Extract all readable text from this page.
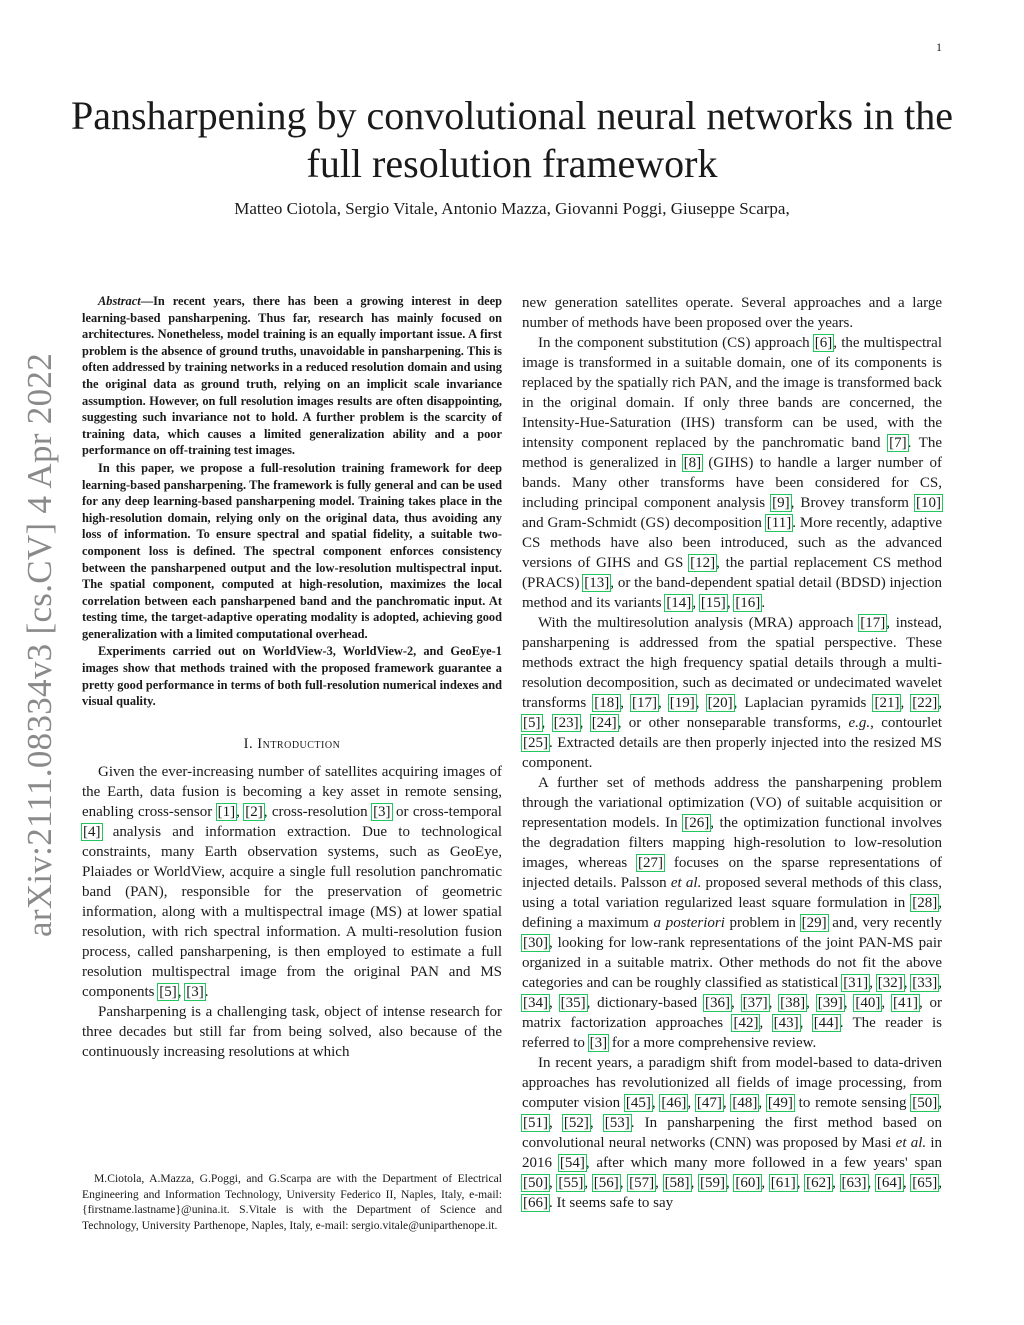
1
arXiv:2111.08334v3 [cs.CV] 4 Apr 2022
Pansharpening by convolutional neural networks in the full resolution framework
Matteo Ciotola, Sergio Vitale, Antonio Mazza, Giovanni Poggi, Giuseppe Scarpa,

Abstract—In recent years, there has been a growing interest in deep learning-based pansharpening. Thus far, research has mainly focused on architectures. Nonetheless, model training is an equally important issue. A first problem is the absence of ground truths, unavoidable in pansharpening. This is often addressed by training networks in a reduced resolution domain and using the original data as ground truth, relying on an implicit scale invariance assumption. However, on full resolution images results are often disappointing, suggesting such invariance not to hold. A further problem is the scarcity of training data, which causes a limited generalization ability and a poor performance on off-training test images.

In this paper, we propose a full-resolution training framework for deep learning-based pansharpening. The framework is fully general and can be used for any deep learning-based pansharpening model. Training takes place in the high-resolution domain, relying only on the original data, thus avoiding any loss of information. To ensure spectral and spatial fidelity, a suitable two-component loss is defined. The spectral component enforces consistency between the pansharpened output and the low-resolution multispectral input. The spatial component, computed at high-resolution, maximizes the local correlation between each pansharpened band and the panchromatic input. At testing time, the target-adaptive operating modality is adopted, achieving good generalization with a limited computational overhead.

Experiments carried out on WorldView-3, WorldView-2, and GeoEye-1 images show that methods trained with the proposed framework guarantee a pretty good performance in terms of both full-resolution numerical indexes and visual quality.

I. Introduction

Given the ever-increasing number of satellites acquiring images of the Earth, data fusion is becoming a key asset in remote sensing, enabling cross-sensor [1], [2], cross-resolution [3] or cross-temporal [4] analysis and information extraction. Due to technological constraints, many Earth observation systems, such as GeoEye, Plaiades or WorldView, acquire a single full resolution panchromatic band (PAN), responsible for the preservation of geometric information, along with a multispectral image (MS) at lower spatial resolution, with rich spectral information. A multi-resolution fusion process, called pansharpening, is then employed to estimate a full resolution multispectral image from the original PAN and MS components [5], [3].

Pansharpening is a challenging task, object of intense research for three decades but still far from being solved, also because of the continuously increasing resolutions at which

M.Ciotola, A.Mazza, G.Poggi, and G.Scarpa are with the Department of Electrical Engineering and Information Technology, University Federico II, Naples, Italy, e-mail: {firstname.lastname}@unina.it. S.Vitale is with the Department of Science and Technology, University Parthenope, Naples, Italy, e-mail: sergio.vitale@uniparthenope.it.

new generation satellites operate. Several approaches and a large number of methods have been proposed over the years.

In the component substitution (CS) approach [6], the multispectral image is transformed in a suitable domain, one of its components is replaced by the spatially rich PAN, and the image is transformed back in the original domain. If only three bands are concerned, the Intensity-Hue-Saturation (IHS) transform can be used, with the intensity component replaced by the panchromatic band [7]. The method is generalized in [8] (GIHS) to handle a larger number of bands. Many other transforms have been considered for CS, including principal component analysis [9], Brovey transform [10] and Gram-Schmidt (GS) decomposition [11]. More recently, adaptive CS methods have also been introduced, such as the advanced versions of GIHS and GS [12], the partial replacement CS method (PRACS) [13], or the band-dependent spatial detail (BDSD) injection method and its variants [14], [15], [16].

With the multiresolution analysis (MRA) approach [17], instead, pansharpening is addressed from the spatial perspective. These methods extract the high frequency spatial details through a multi-resolution decomposition, such as decimated or undecimated wavelet transforms [18], [17], [19], [20], Laplacian pyramids [21], [22], [5], [23], [24], or other nonseparable transforms, e.g., contourlet [25]. Extracted details are then properly injected into the resized MS component.

A further set of methods address the pansharpening problem through the variational optimization (VO) of suitable acquisition or representation models. In [26], the optimization functional involves the degradation filters mapping high-resolution to low-resolution images, whereas [27] focuses on the sparse representations of injected details. Palsson et al. proposed several methods of this class, using a total variation regularized least square formulation in [28], defining a maximum a posteriori problem in [29] and, very recently [30], looking for low-rank representations of the joint PAN-MS pair organized in a suitable matrix. Other methods do not fit the above categories and can be roughly classified as statistical [31], [32], [33], [34], [35], dictionary-based [36], [37], [38], [39], [40], [41], or matrix factorization approaches [42], [43], [44]. The reader is referred to [3] for a more comprehensive review.

In recent years, a paradigm shift from model-based to data-driven approaches has revolutionized all fields of image processing, from computer vision [45], [46], [47], [48], [49] to remote sensing [50], [51], [52], [53]. In pansharpening the first method based on convolutional neural networks (CNN) was proposed by Masi et al. in 2016 [54], after which many more followed in a few years' span [50], [55], [56], [57], [58], [59], [60], [61], [62], [63], [64], [65], [66]. It seems safe to say
